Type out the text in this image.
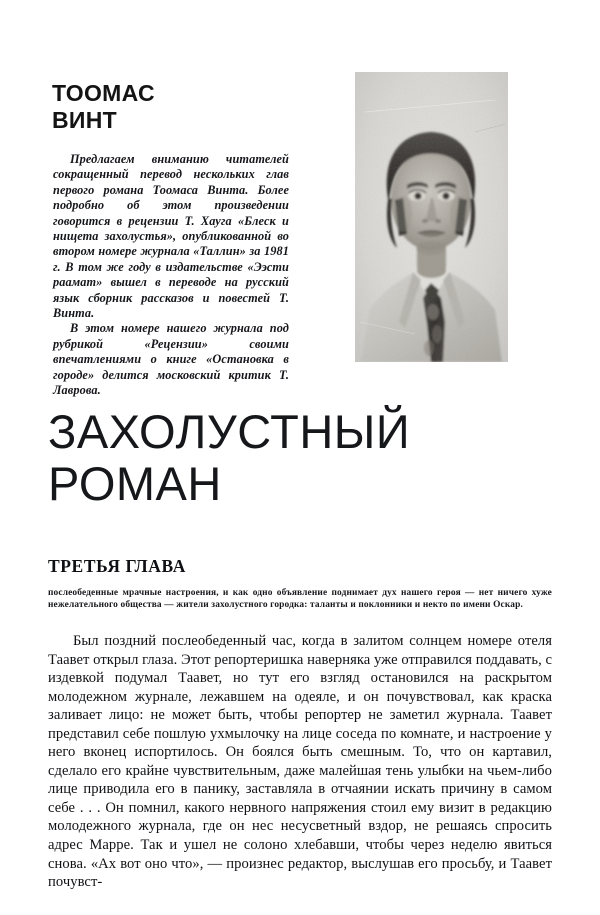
ТООМАС
ВИНТ

Предлагаем вниманию читателей сокращенный перевод нескольких глав первого романа Тоомаса Винта. Более подробно об этом произведении говорится в рецензии Т. Хауга «Блеск и нищета захолустья», опубликованной во втором номере журнала «Таллин» за 1981 г. В том же году в издательстве «Ээсти раамат» вышел в переводе на русский язык сборник рассказов и повестей Т. Винта.

В этом номере нашего журнала под рубрикой «Рецензии» своими впечатлениями о книге «Остановка в городе» делится московский критик Т. Лаврова.

ЗАХОЛУСТНЫЙ
РОМАН
ТРЕТЬЯ ГЛАВА

послеобеденные мрачные настроения, и как одно объявление поднимает дух нашего героя — нет ничего хуже нежелательного общества — жители захолустного городка: таланты и поклонники и некто по имени Оскар.

Был поздний послеобеденный час, когда в залитом солнцем номере отеля Таавет открыл глаза. Этот репортеришка наверняка уже отправился поддавать, с издевкой подумал Таавет, но тут его взгляд остановился на раскрытом молодежном журнале, лежавшем на одеяле, и он почувствовал, как краска заливает лицо: не может быть, чтобы репортер не заметил журнала. Таавет представил себе пошлую ухмылочку на лице соседа по комнате, и настроение у него вконец испортилось. Он боялся быть смешным. То, что он картавил, сделало его крайне чувствительным, даже малейшая тень улыбки на чьем-либо лице приводила его в панику, заставляла в отчаянии искать причину в самом себе . . . Он помнил, какого нервного напряжения стоил ему визит в редакцию молодежного журнала, где он нес несусветный вздор, не решаясь спросить адрес Марре. Так и ушел не солоно хлебавши, чтобы через неделю явиться снова. «Ах вот оно что», — произнес редактор, выслушав его просьбу, и Таавет почувст-
